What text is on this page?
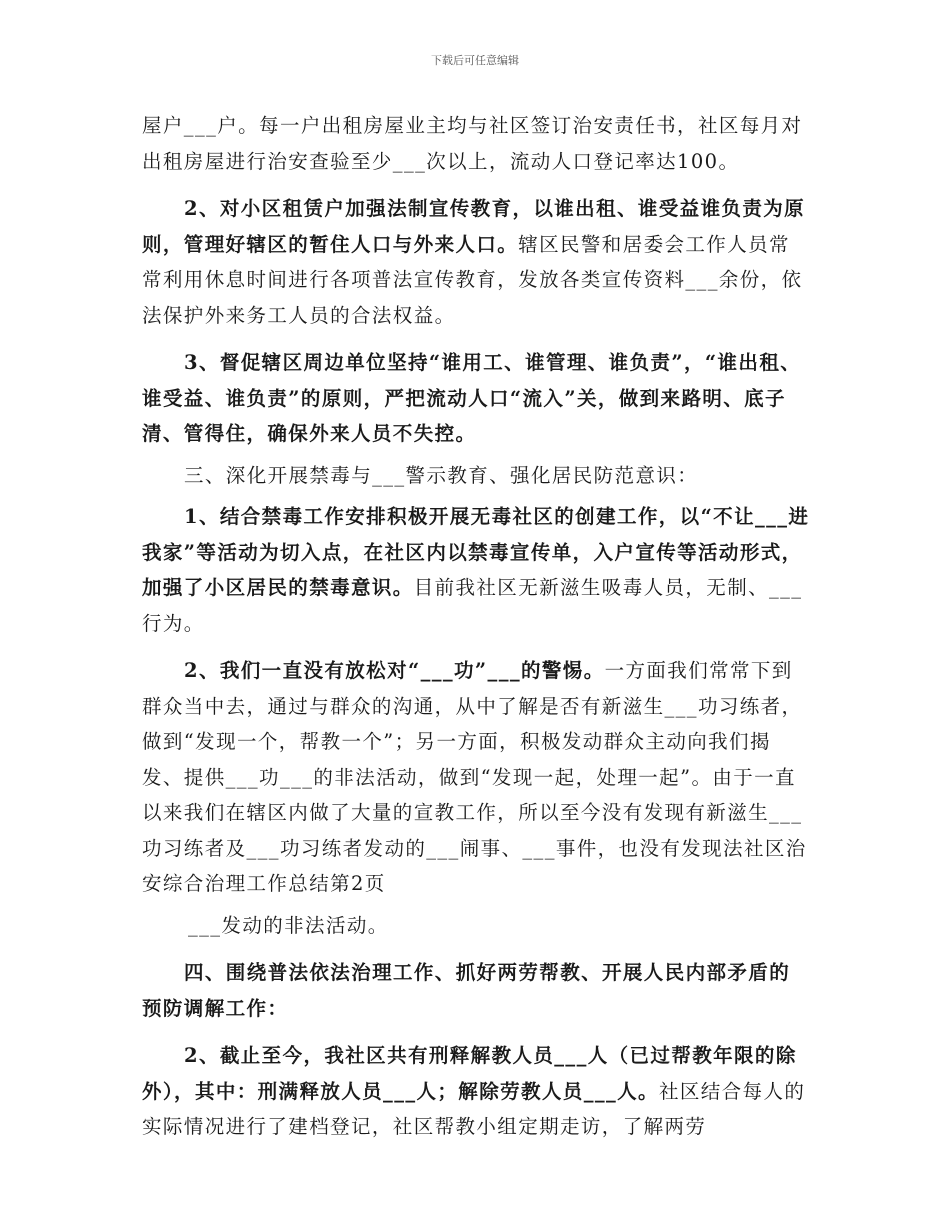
下载后可任意编辑

屋户___户。每一户出租房屋业主均与社区签订治安责任书，社区每月对出租房屋进行治安查验至少___次以上，流动人口登记率达100。

2、对小区租赁户加强法制宣传教育，以谁出租、谁受益谁负责为原则，管理好辖区的暂住人口与外来人口。辖区民警和居委会工作人员常常利用休息时间进行各项普法宣传教育，发放各类宣传资料___余份，依法保护外来务工人员的合法权益。

3、督促辖区周边单位坚持“谁用工、谁管理、谁负责”，“谁出租、谁受益、谁负责”的原则，严把流动人口“流入”关，做到来路明、底子清、管得住，确保外来人员不失控。

三、深化开展禁毒与___警示教育、强化居民防范意识：

1、结合禁毒工作安排积极开展无毒社区的创建工作，以“不让___进我家”等活动为切入点，在社区内以禁毒宣传单，入户宣传等活动形式，加强了小区居民的禁毒意识。目前我社区无新滋生吸毒人员，无制、___行为。

2、我们一直没有放松对“___功”___的警惕。一方面我们常常下到群众当中去，通过与群众的沟通，从中了解是否有新滋生___功习练者，做到“发现一个，帮教一个”；另一方面，积极发动群众主动向我们揭发、提供___功___的非法活动，做到“发现一起，处理一起”。由于一直以来我们在辖区内做了大量的宣教工作，所以至今没有发现有新滋生___功习练者及___功习练者发动的___闹事、___事件，也没有发现法社区治安综合治理工作总结第2页

___发动的非法活动。

四、围绕普法依法治理工作、抓好两劳帮教、开展人民内部矛盾的预防调解工作：

2、截止至今，我社区共有刑释解教人员___人（已过帮教年限的除外），其中：刑满释放人员___人；解除劳教人员___人。社区结合每人的实际情况进行了建档登记，社区帮教小组定期走访，了解两劳
